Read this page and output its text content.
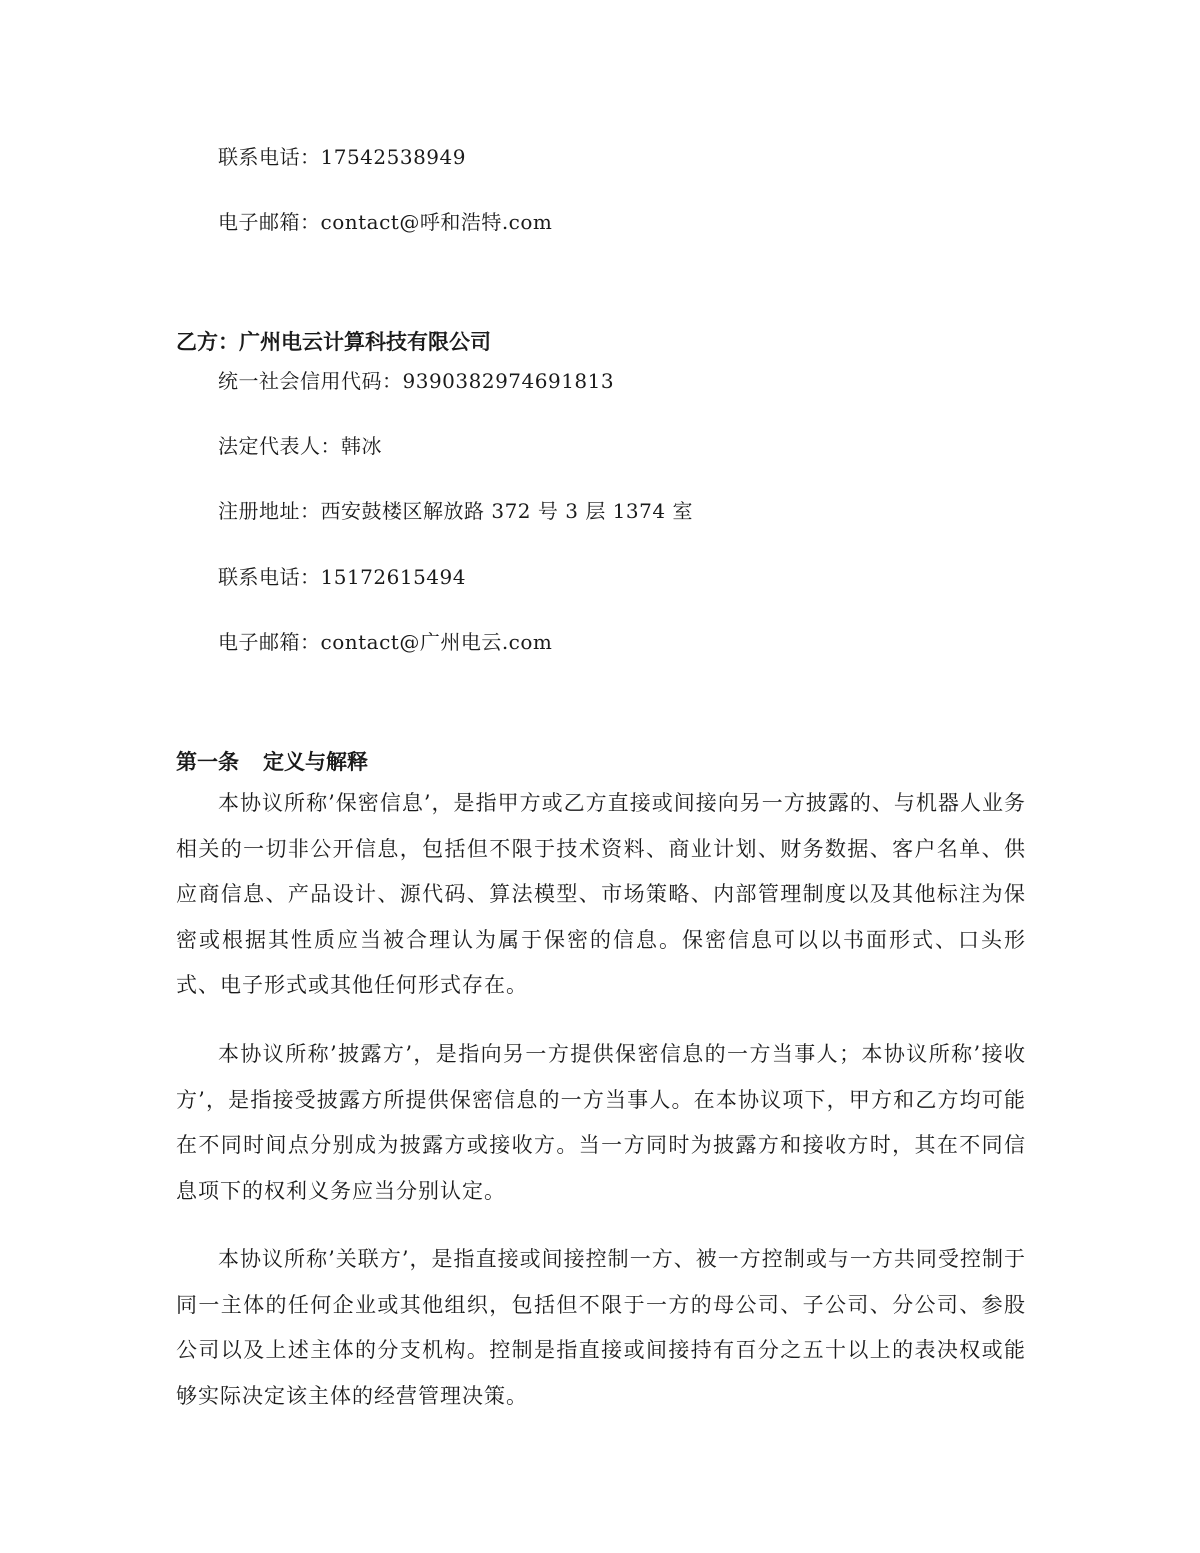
联系电话：17542538949
电子邮箱：contact@呼和浩特.com
乙方：广州电云计算科技有限公司
统一社会信用代码：9390382974691813
法定代表人：韩冰
注册地址：西安鼓楼区解放路 372 号 3 层 1374 室
联系电话：15172615494
电子邮箱：contact@广州电云.com
第一条 定义与解释

本协议所称’保密信息’，是指甲方或乙方直接或间接向另一方披露的、与机器人业务相关的一切非公开信息，包括但不限于技术资料、商业计划、财务数据、客户名单、供应商信息、产品设计、源代码、算法模型、市场策略、内部管理制度以及其他标注为保密或根据其性质应当被合理认为属于保密的信息。保密信息可以以书面形式、口头形式、电子形式或其他任何形式存在。

本协议所称’披露方’，是指向另一方提供保密信息的一方当事人；本协议所称’接收方’，是指接受披露方所提供保密信息的一方当事人。在本协议项下，甲方和乙方均可能在不同时间点分别成为披露方或接收方。当一方同时为披露方和接收方时，其在不同信息项下的权利义务应当分别认定。

本协议所称’关联方’，是指直接或间接控制一方、被一方控制或与一方共同受控制于同一主体的任何企业或其他组织，包括但不限于一方的母公司、子公司、分公司、参股公司以及上述主体的分支机构。控制是指直接或间接持有百分之五十以上的表决权或能够实际决定该主体的经营管理决策。
